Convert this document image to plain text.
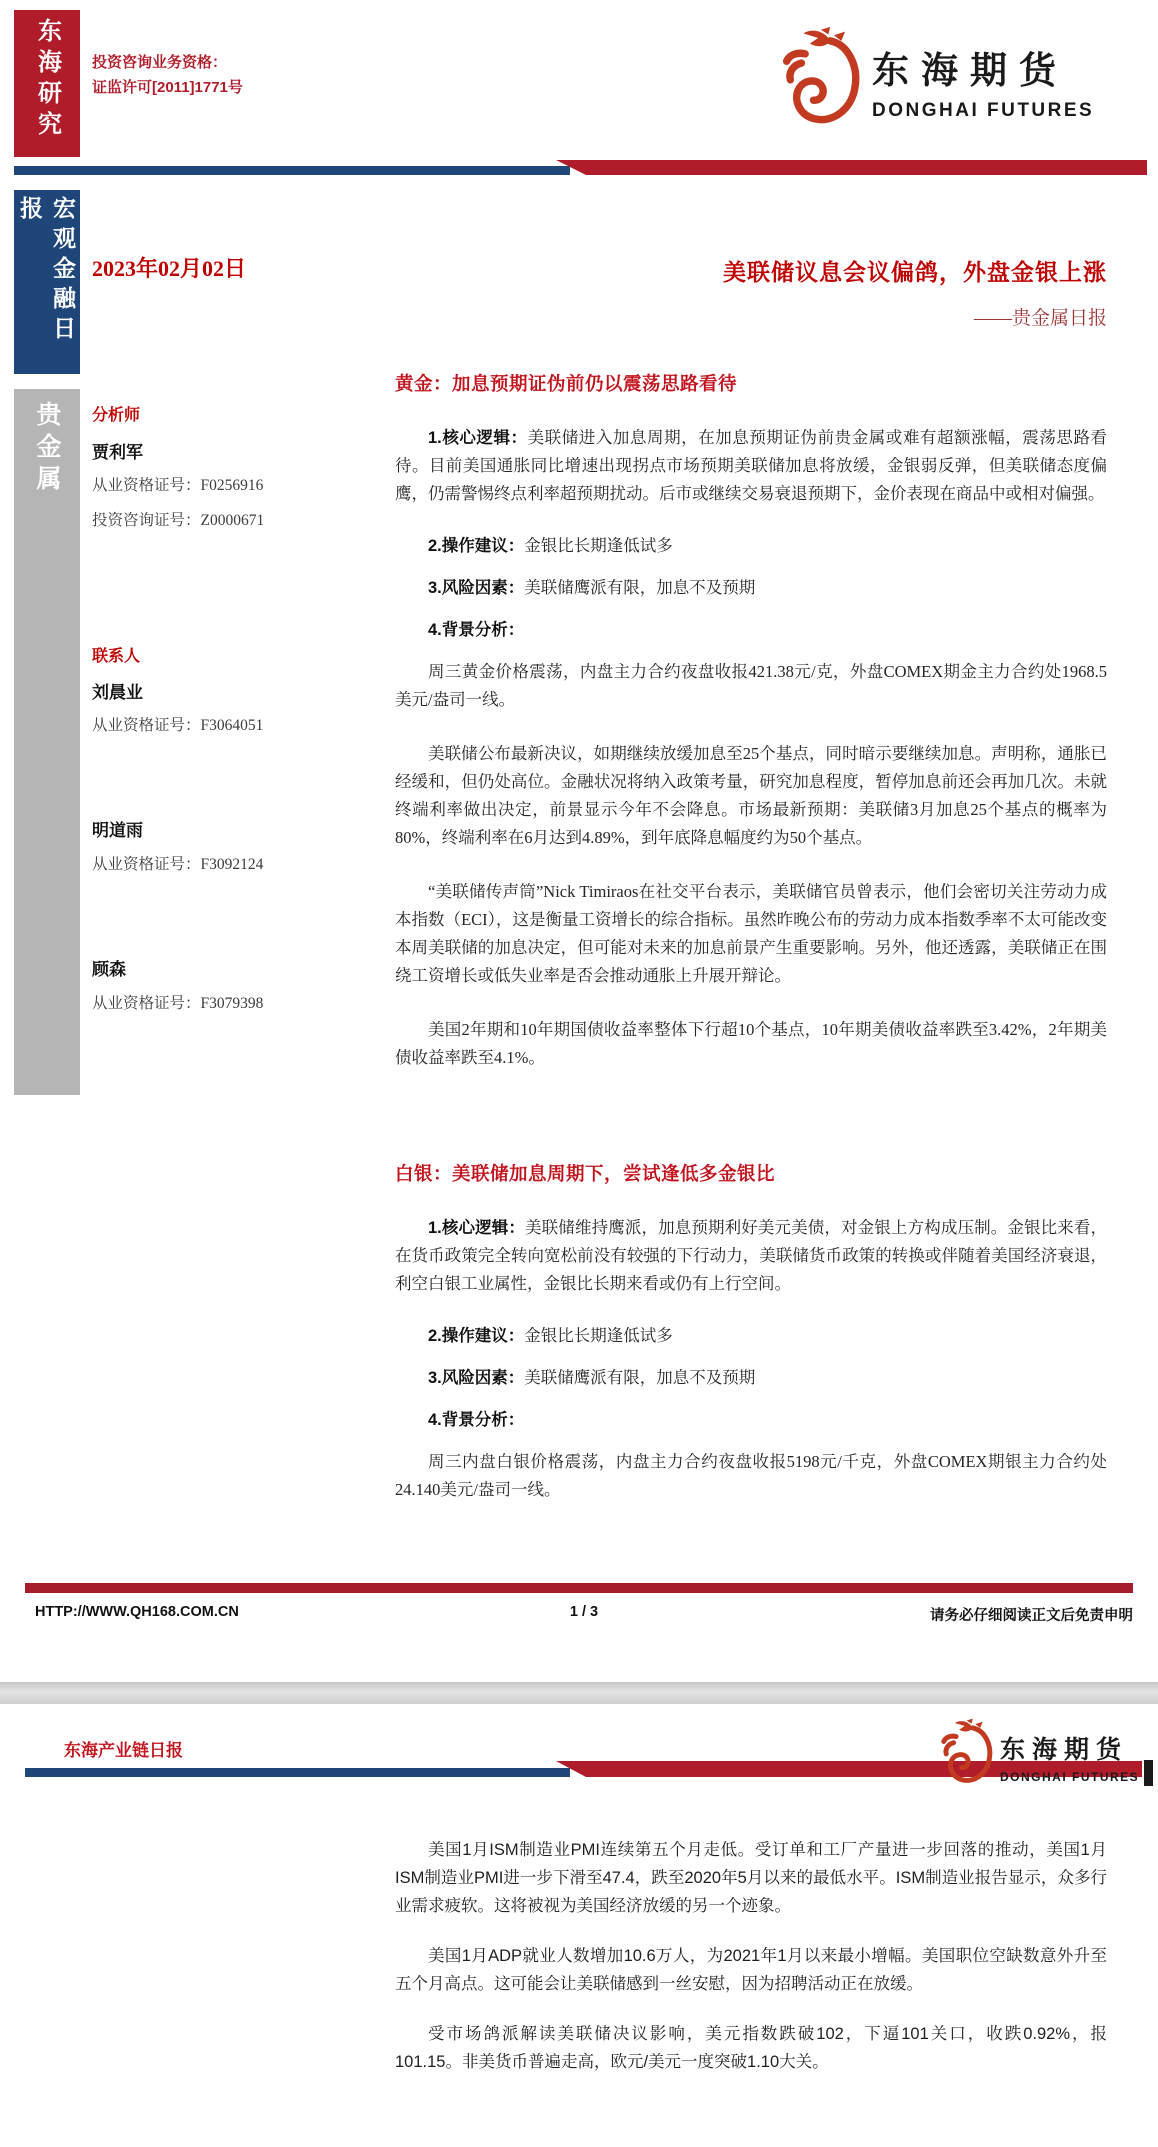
东海研究 投资咨询业务资格：
证监许可[2011]1771号	东海期货
DONGHAI FUTURES
宏观金融日报
贵金属
2023年02月02日	美联储议息会议偏鸽，外盘金银上涨
——贵金属日报
分析师
贾利军
从业资格证号：F0256916
投资咨询证号：Z0000671
联系人
刘晨业
从业资格证号：F3064051
明道雨
从业资格证号：F3092124
顾森
从业资格证号：F3079398
黄金：加息预期证伪前仍以震荡思路看待

1.核心逻辑：美联储进入加息周期，在加息预期证伪前贵金属或难有超额涨幅，震荡思路看待。目前美国通胀同比增速出现拐点市场预期美联储加息将放缓，金银弱反弹，但美联储态度偏鹰，仍需警惕终点利率超预期扰动。后市或继续交易衰退预期下，金价表现在商品中或相对偏强。

2.操作建议：金银比长期逢低试多

3.风险因素：美联储鹰派有限，加息不及预期

4.背景分析：

周三黄金价格震荡，内盘主力合约夜盘收报421.38元/克，外盘COMEX期金主力合约处1968.5美元/盎司一线。

美联储公布最新决议，如期继续放缓加息至25个基点，同时暗示要继续加息。声明称，通胀已经缓和，但仍处高位。金融状况将纳入政策考量，研究加息程度，暂停加息前还会再加几次。未就终端利率做出决定，前景显示今年不会降息。市场最新预期：美联储3月加息25个基点的概率为80%，终端利率在6月达到4.89%，到年底降息幅度约为50个基点。

“美联储传声筒”Nick Timiraos在社交平台表示，美联储官员曾表示，他们会密切关注劳动力成本指数（ECI），这是衡量工资增长的综合指标。虽然昨晚公布的劳动力成本指数季率不太可能改变本周美联储的加息决定，但可能对未来的加息前景产生重要影响。另外，他还透露，美联储正在围绕工资增长或低失业率是否会推动通胀上升展开辩论。

美国2年期和10年期国债收益率整体下行超10个基点，10年期美债收益率跌至3.42%，2年期美债收益率跌至4.1%。

白银：美联储加息周期下，尝试逢低多金银比

1.核心逻辑：美联储维持鹰派，加息预期利好美元美债，对金银上方构成压制。金银比来看，在货币政策完全转向宽松前没有较强的下行动力，美联储货币政策的转换或伴随着美国经济衰退，利空白银工业属性，金银比长期来看或仍有上行空间。

2.操作建议：金银比长期逢低试多

3.风险因素：美联储鹰派有限，加息不及预期

4.背景分析：

周三内盘白银价格震荡，内盘主力合约夜盘收报5198元/千克，外盘COMEX期银主力合约处24.140美元/盎司一线。

HTTP://WWW.QH168.COM.CN	1 / 3	请务必仔细阅读正文后免责申明
东海产业链日报	东海期货
DONGHAI FUTURES

美国1月ISM制造业PMI连续第五个月走低。受订单和工厂产量进一步回落的推动，美国1月ISM制造业PMI进一步下滑至47.4，跌至2020年5月以来的最低水平。ISM制造业报告显示，众多行业需求疲软。这将被视为美国经济放缓的另一个迹象。

美国1月ADP就业人数增加10.6万人，为2021年1月以来最小增幅。美国职位空缺数意外升至五个月高点。这可能会让美联储感到一丝安慰，因为招聘活动正在放缓。

受市场鸽派解读美联储决议影响，美元指数跌破102，下逼101关口，收跌0.92%，报101.15。非美货币普遍走高，欧元/美元一度突破1.10大关。
